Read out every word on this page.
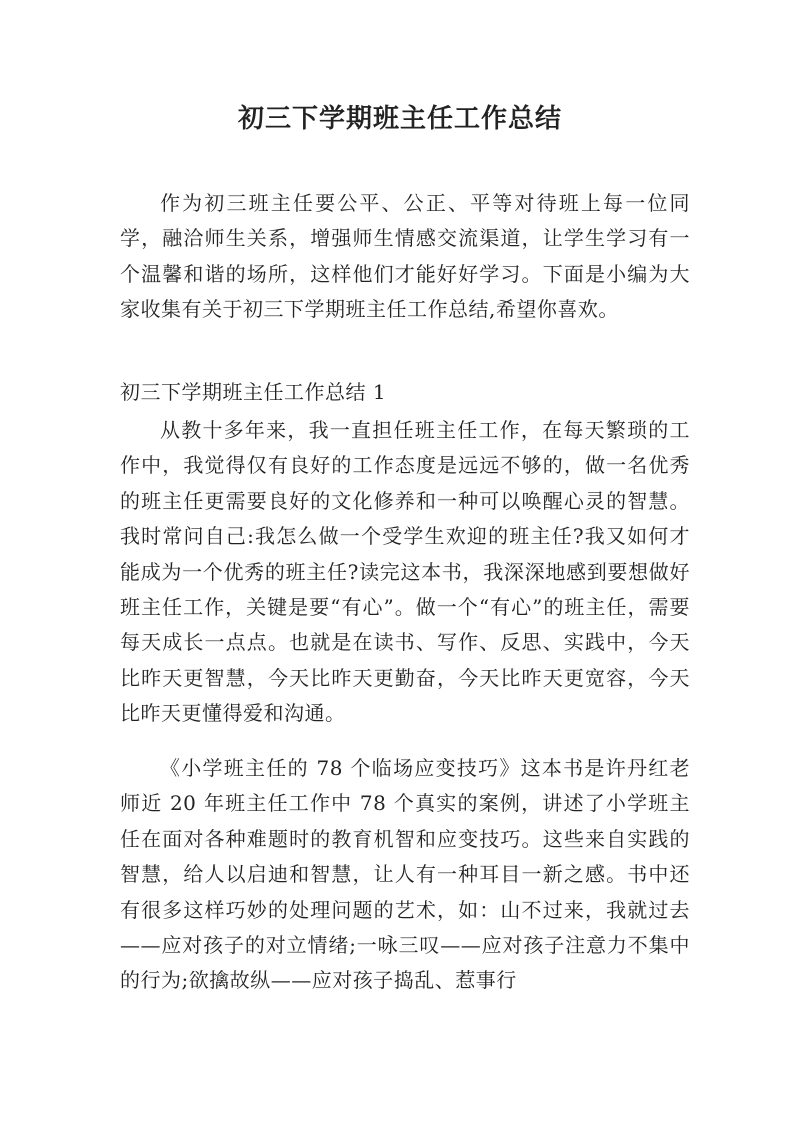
初三下学期班主任工作总结

作为初三班主任要公平、公正、平等对待班上每一位同学，融洽师生关系，增强师生情感交流渠道，让学生学习有一个温馨和谐的场所，这样他们才能好好学习。下面是小编为大家收集有关于初三下学期班主任工作总结,希望你喜欢。

初三下学期班主任工作总结 1

从教十多年来，我一直担任班主任工作，在每天繁琐的工作中，我觉得仅有良好的工作态度是远远不够的，做一名优秀的班主任更需要良好的文化修养和一种可以唤醒心灵的智慧。我时常问自己:我怎么做一个受学生欢迎的班主任?我又如何才能成为一个优秀的班主任?读完这本书，我深深地感到要想做好班主任工作，关键是要“有心”。做一个“有心”的班主任，需要每天成长一点点。也就是在读书、写作、反思、实践中，今天比昨天更智慧，今天比昨天更勤奋，今天比昨天更宽容，今天比昨天更懂得爱和沟通。

《小学班主任的 78 个临场应变技巧》这本书是许丹红老师近 20 年班主任工作中 78 个真实的案例，讲述了小学班主任在面对各种难题时的教育机智和应变技巧。这些来自实践的智慧，给人以启迪和智慧，让人有一种耳目一新之感。书中还有很多这样巧妙的处理问题的艺术，如：山不过来，我就过去——应对孩子的对立情绪;一咏三叹——应对孩子注意力不集中的行为;欲擒故纵——应对孩子捣乱、惹事行
